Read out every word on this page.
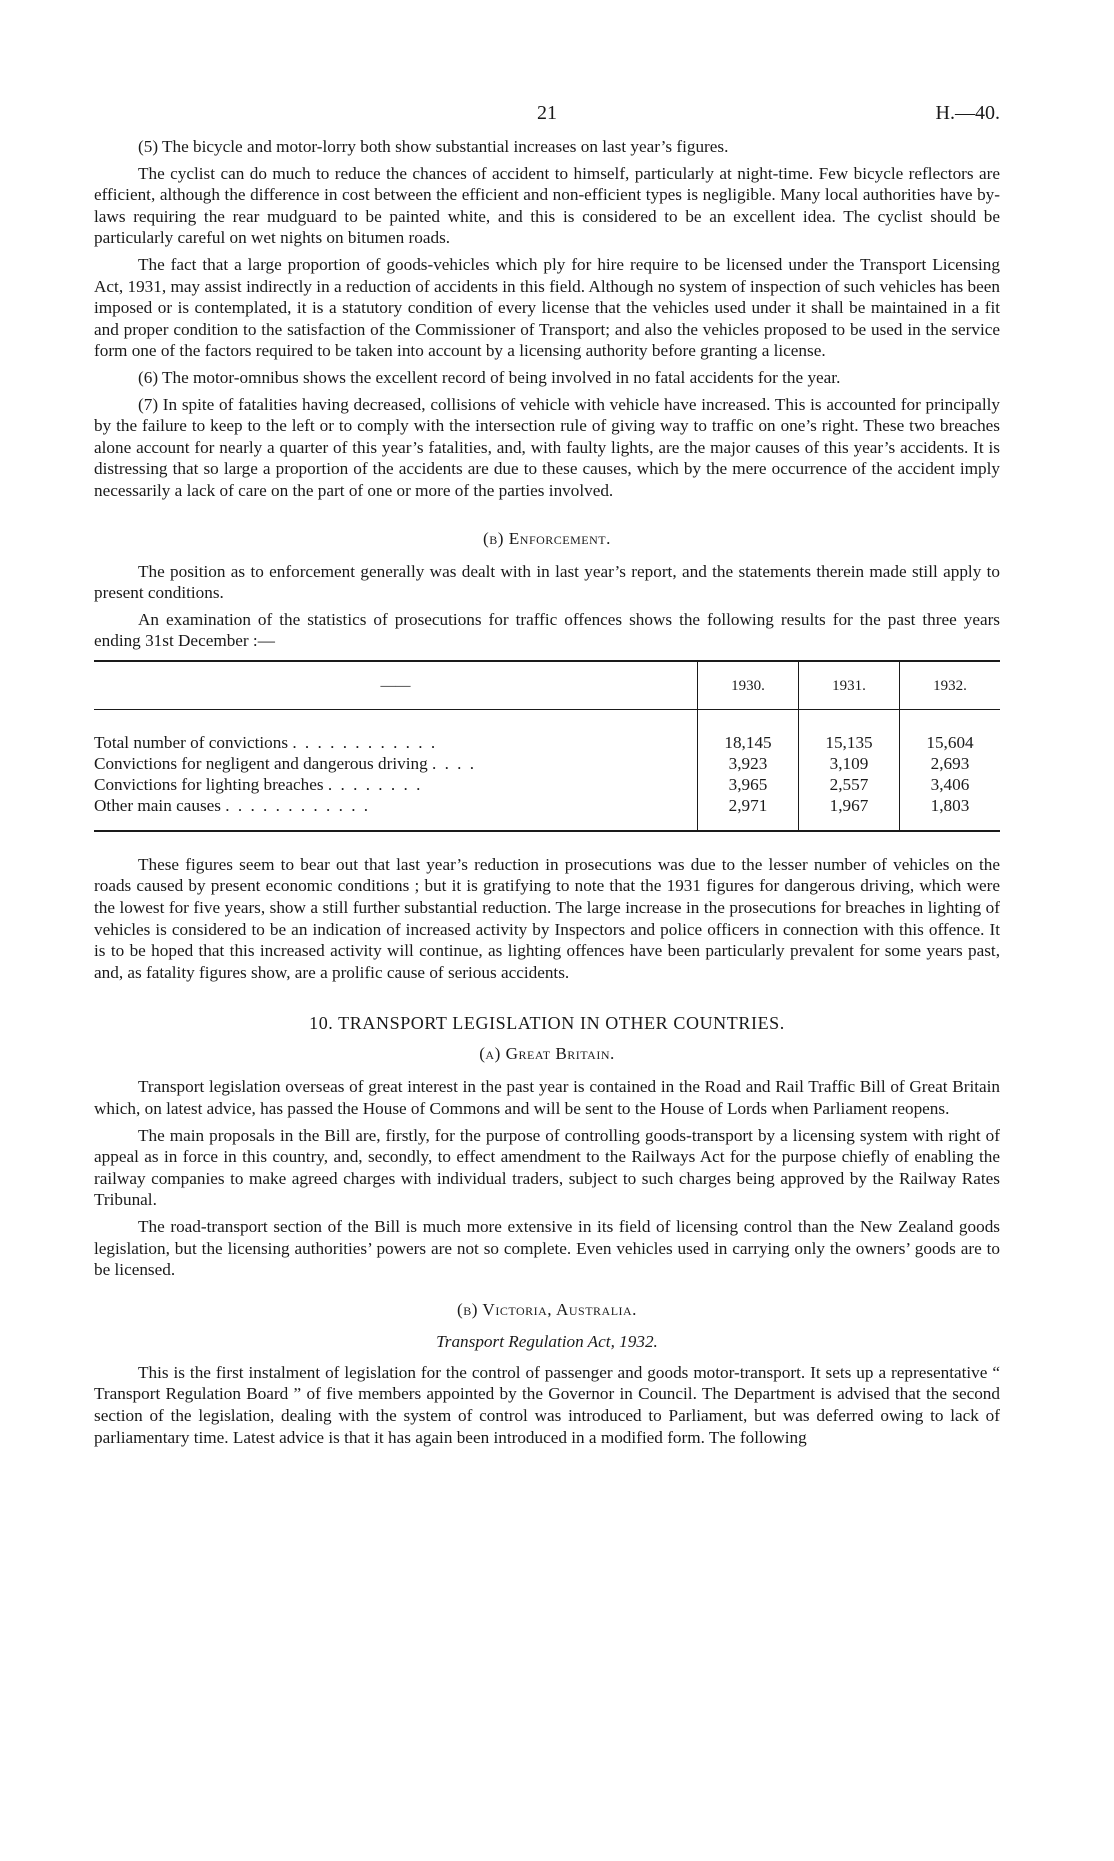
21	H.—40.

(5) The bicycle and motor-lorry both show substantial increases on last year’s figures.

The cyclist can do much to reduce the chances of accident to himself, particularly at night-time. Few bicycle reflectors are efficient, although the difference in cost between the efficient and non-efficient types is negligible. Many local authorities have by-laws requiring the rear mudguard to be painted white, and this is considered to be an excellent idea. The cyclist should be particularly careful on wet nights on bitumen roads.

The fact that a large proportion of goods-vehicles which ply for hire require to be licensed under the Transport Licensing Act, 1931, may assist indirectly in a reduction of accidents in this field. Although no system of inspection of such vehicles has been imposed or is contemplated, it is a statutory condition of every license that the vehicles used under it shall be maintained in a fit and proper condition to the satisfaction of the Commissioner of Transport; and also the vehicles proposed to be used in the service form one of the factors required to be taken into account by a licensing authority before granting a license.

(6) The motor-omnibus shows the excellent record of being involved in no fatal accidents for the year.

(7) In spite of fatalities having decreased, collisions of vehicle with vehicle have increased. This is accounted for principally by the failure to keep to the left or to comply with the intersection rule of giving way to traffic on one’s right. These two breaches alone account for nearly a quarter of this year’s fatalities, and, with faulty lights, are the major causes of this year’s accidents. It is distressing that so large a proportion of the accidents are due to these causes, which by the mere occurrence of the accident imply necessarily a lack of care on the part of one or more of the parties involved.

(b) Enforcement.

The position as to enforcement generally was dealt with in last year’s report, and the statements therein made still apply to present conditions.

An examination of the statistics of prosecutions for traffic offences shows the following results for the past three years ending 31st December :—

——	1930.	1931.	1932.

Total number of convictions . . . . . . . . . . . .	18,145	15,135	15,604
Convictions for negligent and dangerous driving . . . .	3,923	3,109	2,693
Convictions for lighting breaches . . . . . . . .	3,965	2,557	3,406
Other main causes . . . . . . . . . . . .	2,971	1,967	1,803

These figures seem to bear out that last year’s reduction in prosecutions was due to the lesser number of vehicles on the roads caused by present economic conditions ; but it is gratifying to note that the 1931 figures for dangerous driving, which were the lowest for five years, show a still further substantial reduction. The large increase in the prosecutions for breaches in lighting of vehicles is considered to be an indication of increased activity by Inspectors and police officers in connection with this offence. It is to be hoped that this increased activity will continue, as lighting offences have been particularly prevalent for some years past, and, as fatality figures show, are a prolific cause of serious accidents.

10. TRANSPORT LEGISLATION IN OTHER COUNTRIES.
(a) Great Britain.

Transport legislation overseas of great interest in the past year is contained in the Road and Rail Traffic Bill of Great Britain which, on latest advice, has passed the House of Commons and will be sent to the House of Lords when Parliament reopens.

The main proposals in the Bill are, firstly, for the purpose of controlling goods-transport by a licensing system with right of appeal as in force in this country, and, secondly, to effect amendment to the Railways Act for the purpose chiefly of enabling the railway companies to make agreed charges with individual traders, subject to such charges being approved by the Railway Rates Tribunal.

The road-transport section of the Bill is much more extensive in its field of licensing control than the New Zealand goods legislation, but the licensing authorities’ powers are not so complete. Even vehicles used in carrying only the owners’ goods are to be licensed.

(b) Victoria, Australia.
Transport Regulation Act, 1932.

This is the first instalment of legislation for the control of passenger and goods motor-transport. It sets up a representative “ Transport Regulation Board ” of five members appointed by the Governor in Council. The Department is advised that the second section of the legislation, dealing with the system of control was introduced to Parliament, but was deferred owing to lack of parliamentary time. Latest advice is that it has again been introduced in a modified form. The following
